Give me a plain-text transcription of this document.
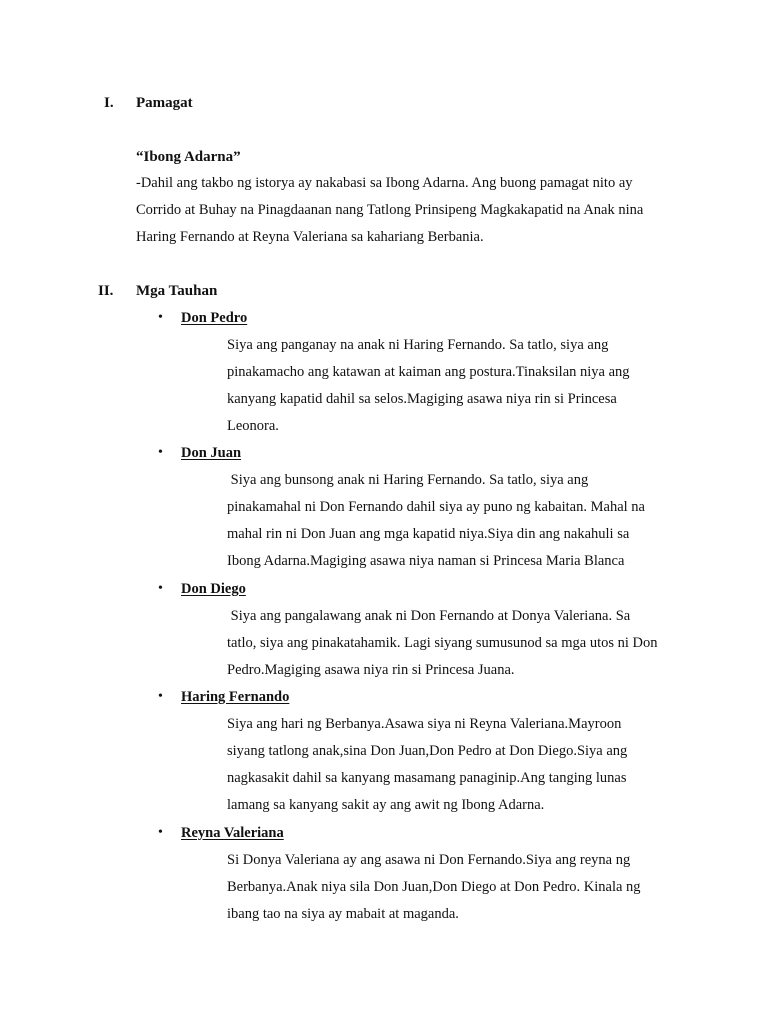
I. Pamagat
“Ibong Adarna”
-Dahil ang takbo ng istorya ay nakabasi sa Ibong Adarna. Ang buong pamagat nito ay
Corrido at Buhay na Pinagdaanan nang Tatlong Prinsipeng Magkakapatid na Anak nina
Haring Fernando at Reyna Valeriana sa kahariang Berbania.
II. Mga Tauhan
• Don Pedro
Siya ang panganay na anak ni Haring Fernando. Sa tatlo, siya ang
pinakamacho ang katawan at kaiman ang postura.Tinaksilan niya ang
kanyang kapatid dahil sa selos.Magiging asawa niya rin si Princesa
Leonora.
• Don Juan
Siya ang bunsong anak ni Haring Fernando. Sa tatlo, siya ang
pinakamahal ni Don Fernando dahil siya ay puno ng kabaitan. Mahal na
mahal rin ni Don Juan ang mga kapatid niya.Siya din ang nakahuli sa
Ibong Adarna.Magiging asawa niya naman si Princesa Maria Blanca
• Don Diego
Siya ang pangalawang anak ni Don Fernando at Donya Valeriana. Sa
tatlo, siya ang pinakatahamik. Lagi siyang sumusunod sa mga utos ni Don
Pedro.Magiging asawa niya rin si Princesa Juana.
• Haring Fernando
Siya ang hari ng Berbanya.Asawa siya ni Reyna Valeriana.Mayroon
siyang tatlong anak,sina Don Juan,Don Pedro at Don Diego.Siya ang
nagkasakit dahil sa kanyang masamang panaginip.Ang tanging lunas
lamang sa kanyang sakit ay ang awit ng Ibong Adarna.
• Reyna Valeriana
Si Donya Valeriana ay ang asawa ni Don Fernando.Siya ang reyna ng
Berbanya.Anak niya sila Don Juan,Don Diego at Don Pedro. Kinala ng
ibang tao na siya ay mabait at maganda.
